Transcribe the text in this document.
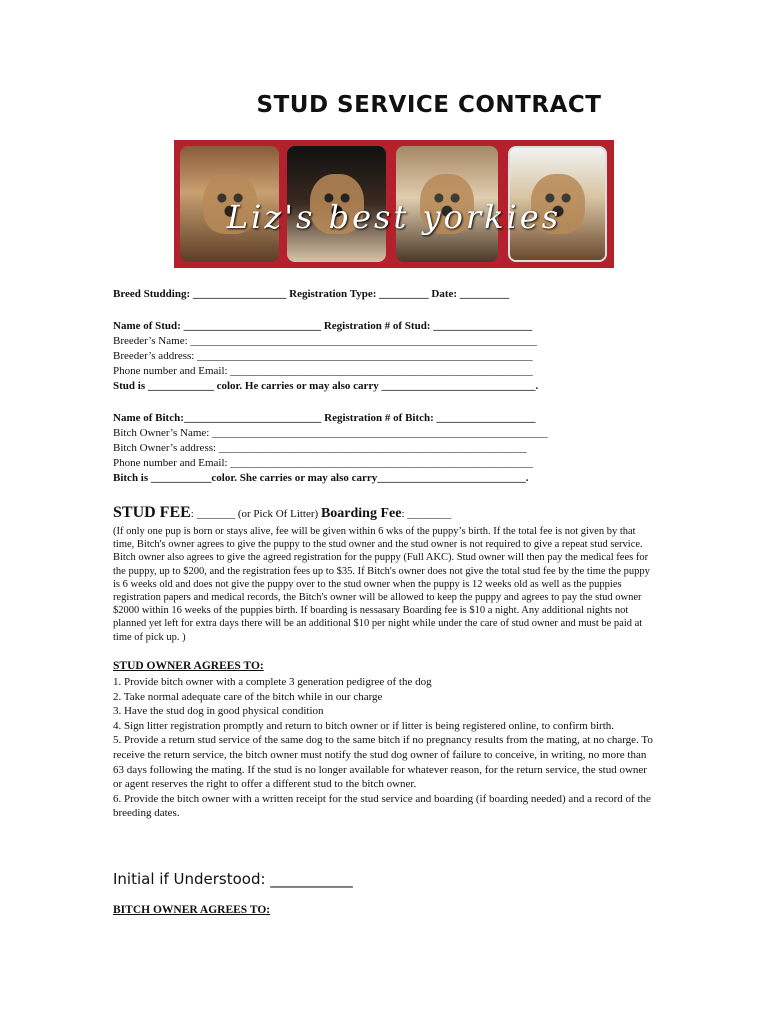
STUD SERVICE CONTRACT
Liz's best yorkies
Breed Studding: _________________ Registration Type: _________ Date: _________
Name of Stud: _________________________ Registration # of Stud: __________________
Breeder’s Name: _______________________________________________________________
Breeder’s address: _____________________________________________________________
Phone number and Email: _______________________________________________________
Stud is ____________ color. He carries or may also carry ____________________________.
Name of Bitch:_________________________ Registration # of Bitch: __________________
Bitch Owner’s Name: _____________________________________________________________
Bitch Owner’s address: ________________________________________________________
Phone number and Email: _______________________________________________________
Bitch is ___________color. She carries or may also carry___________________________.
STUD FEE: _______ (or Pick Of Litter) Boarding Fee: ________
(If only one pup is born or stays alive, fee will be given within 6 wks of the puppy’s birth. If the total fee is not given by that time, Bitch's owner agrees to give the puppy to the stud owner and the stud owner is not required to give a repeat stud service. Bitch owner also agrees to give the agreed registration for the puppy (Full AKC). Stud owner will then pay the medical fees for the puppy, up to $200, and the registration fees up to $35. If Bitch's owner does not give the total stud fee by the time the puppy is 6 weeks old and does not give the puppy over to the stud owner when the puppy is 12 weeks old as well as the puppies registration papers and medical records, the Bitch's owner will be allowed to keep the puppy and agrees to pay the stud owner $2000 within 16 weeks of the puppies birth. If boarding is nessasary Boarding fee is $10 a night. Any additional nights not planned yet left for extra days there will be an additional $10 per night while under the care of stud owner and must be paid at time of pick up. )
STUD OWNER AGREES TO:
1. Provide bitch owner with a complete 3 generation pedigree of the dog
2. Take normal adequate care of the bitch while in our charge
3. Have the stud dog in good physical condition
4. Sign litter registration promptly and return to bitch owner or if litter is being registered online, to confirm birth.
5. Provide a return stud service of the same dog to the same bitch if no pregnancy results from the mating, at no charge. To receive the return service, the bitch owner must notify the stud dog owner of failure to conceive, in writing, no more than 63 days following the mating. If the stud is no longer available for whatever reason, for the return service, the stud owner or agent reserves the right to offer a different stud to the bitch owner.
6. Provide the bitch owner with a written receipt for the stud service and boarding (if boarding needed) and a record of the breeding dates.
Initial if Understood: ___________
BITCH OWNER AGREES TO:
